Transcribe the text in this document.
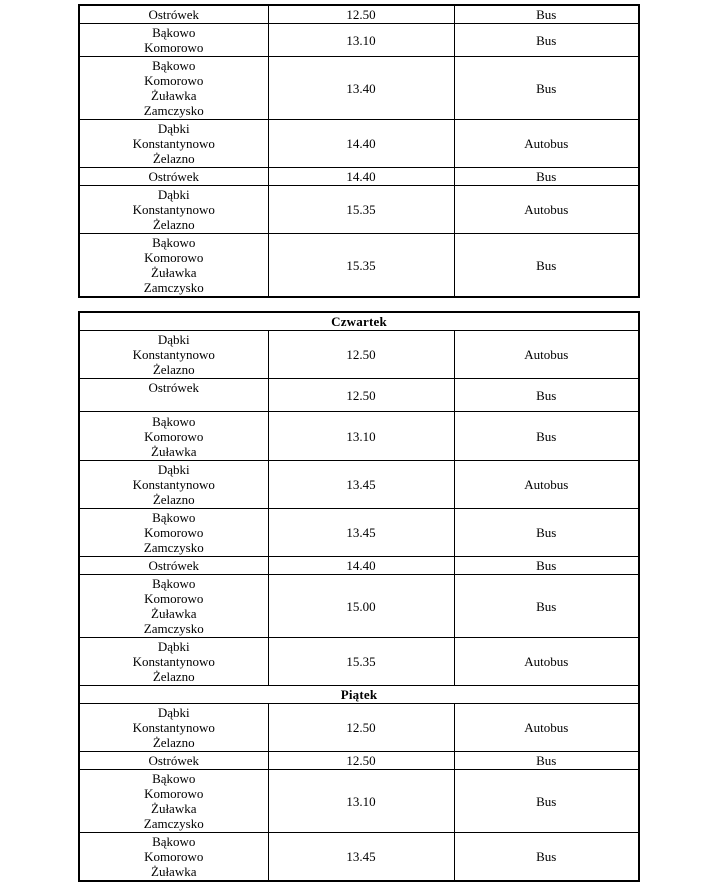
Ostrówek	12.50	Bus

Bąkowo
Komorowo	13.10	Bus

Bąkowo
Komorowo
Żuławka
Zamczysko	13.40	Bus

Dąbki
Konstantynowo
Żelazno	14.40	Autobus

Ostrówek	14.40	Bus

Dąbki
Konstantynowo
Żelazno	15.35	Autobus

Bąkowo
Komorowo
Żuławka
Zamczysko	15.35	Bus
Czwartek		

Dąbki
Konstantynowo
Żelazno	12.50	Autobus

Ostrówek	12.50	Bus

Bąkowo
Komorowo
Żuławka	13.10	Bus

Dąbki
Konstantynowo
Żelazno	13.45	Autobus

Bąkowo
Komorowo
Zamczysko	13.45	Bus

Ostrówek	14.40	Bus

Bąkowo
Komorowo
Żuławka
Zamczysko	15.00	Bus

Dąbki
Konstantynowo
Żelazno	15.35	Autobus
Piątek		

Dąbki
Konstantynowo
Żelazno	12.50	Autobus

Ostrówek	12.50	Bus

Bąkowo
Komorowo
Żuławka
Zamczysko	13.10	Bus

Bąkowo
Komorowo
Żuławka	13.45	Bus
